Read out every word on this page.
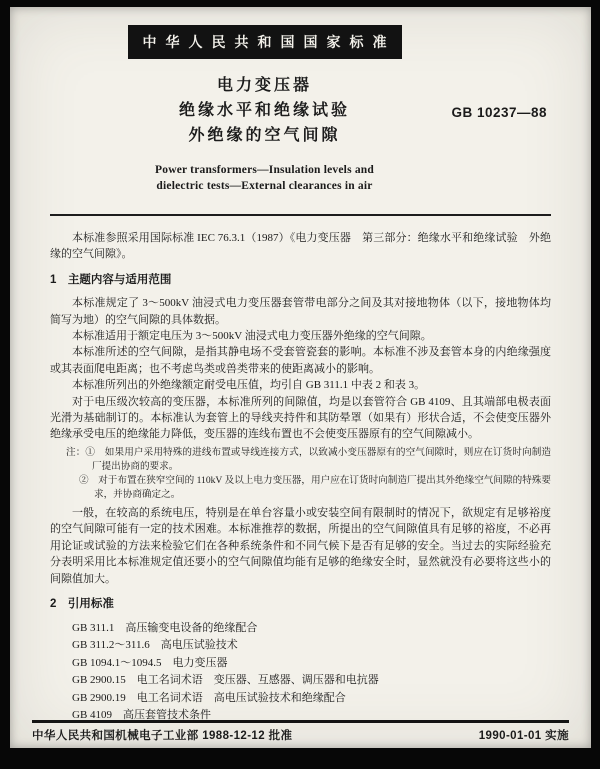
中华人民共和国国家标准
电力变压器
绝缘水平和绝缘试验
外绝缘的空气间隙
Power transformers—Insulation levels and
dielectric tests—External clearances in air
GB 10237—88

本标准参照采用国际标准 IEC 76.3.1（1987）《电力变压器　第三部分：绝缘水平和绝缘试验　外绝缘的空气间隙》。

1　主题内容与适用范围

本标准规定了 3～500kV 油浸式电力变压器套管带电部分之间及其对接地物体（以下，接地物体均简写为地）的空气间隙的具体数据。

本标准适用于额定电压为 3～500kV 油浸式电力变压器外绝缘的空气间隙。

本标准所述的空气间隙，是指其静电场不受套管瓷套的影响。本标准不涉及套管本身的内绝缘强度或其表面爬电距离；也不考虑鸟类或兽类带来的使距离减小的影响。

本标准所列出的外绝缘额定耐受电压值，均引自 GB 311.1 中表 2 和表 3。

对于电压级次较高的变压器，本标准所列的间隙值，均是以套管符合 GB 4109、且其端部电极表面光滑为基础制订的。本标准认为套管上的导线夹持件和其防晕罩（如果有）形状合适，不会使变压器外绝缘承受电压的绝缘能力降低，变压器的连线布置也不会使变压器原有的空气间隙减小。

注：①　如果用户采用特殊的进线布置或导线连接方式，以致减小变压器原有的空气间隙时，则应在订货时向制造厂提出协商的要求。
②　对于布置在狭窄空间的 110kV 及以上电力变压器，用户应在订货时向制造厂提出其外绝缘空气间隙的特殊要求，并协商确定之。

一般，在较高的系统电压，特别是在单台容量小或安装空间有限制时的情况下，欲规定有足够裕度的空气间隙可能有一定的技术困难。本标准推荐的数据，所提出的空气间隙值具有足够的裕度，不必再用论证或试验的方法来检验它们在各种系统条件和不同气候下是否有足够的安全。当过去的实际经验充分表明采用比本标准规定值还要小的空气间隙值均能有足够的绝缘安全时，显然就没有必要将这些小的间隙值加大。

2　引用标准
GB 311.1　高压输变电设备的绝缘配合
GB 311.2～311.6　高电压试验技术
GB 1094.1～1094.5　电力变压器
GB 2900.15　电工名词术语　变压器、互感器、调压器和电抗器
GB 2900.19　电工名词术语　高电压试验技术和绝缘配合
GB 4109　高压套管技术条件
中华人民共和国机械电子工业部 1988-12-12 批准	1990-01-01 实施
